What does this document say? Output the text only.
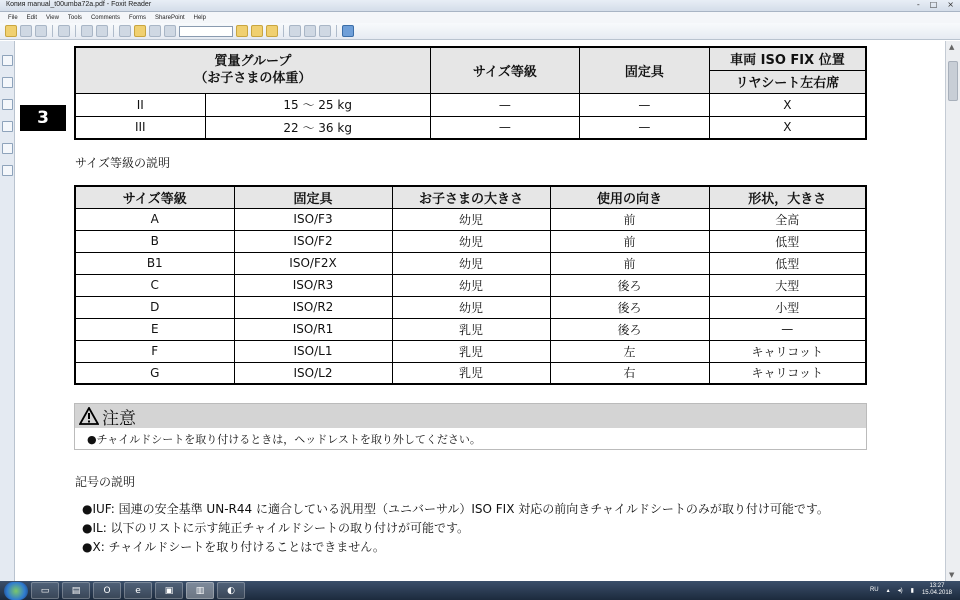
Копия manual_t00umba72a.pdf - Foxit Reader	- □ ×
File Edit View Tools Comments Forms SharePoint Help
3
質量グループ
（お子さまの体重）		サイズ等級	固定具	車両 ISO FIX 位置
				リヤシート左右席
II	15 ～ 25 kg	—	—	X
III	22 ～ 36 kg	—	—	X
サイズ等級の説明
サイズ等級	固定具	お子さまの大きさ	使用の向き	形状，大きさ
A	ISO/F3	幼児	前	全高
B	ISO/F2	幼児	前	低型
B1	ISO/F2X	幼児	前	低型
C	ISO/R3	幼児	後ろ	大型
D	ISO/R2	幼児	後ろ	小型
E	ISO/R1	乳児	後ろ	—
F	ISO/L1	乳児	左	キャリコット
G	ISO/L2	乳児	右	キャリコット
注意
●チャイルドシートを取り付けるときは，ヘッドレストを取り外してください。
記号の説明
●IUF: 国連の安全基準 UN-R44 に適合している汎用型（ユニバーサル）ISO FIX 対応の前向きチャイルドシートのみが取り付け可能です。
●IL: 以下のリストに示す純正チャイルドシートの取り付けが可能です。
●X: チャイルドシートを取り付けることはできません。
▲
▼
▭	▤	O	e	▣	▥	◐	RU ▴ ◂) ▮
13:27
15.04.2018
